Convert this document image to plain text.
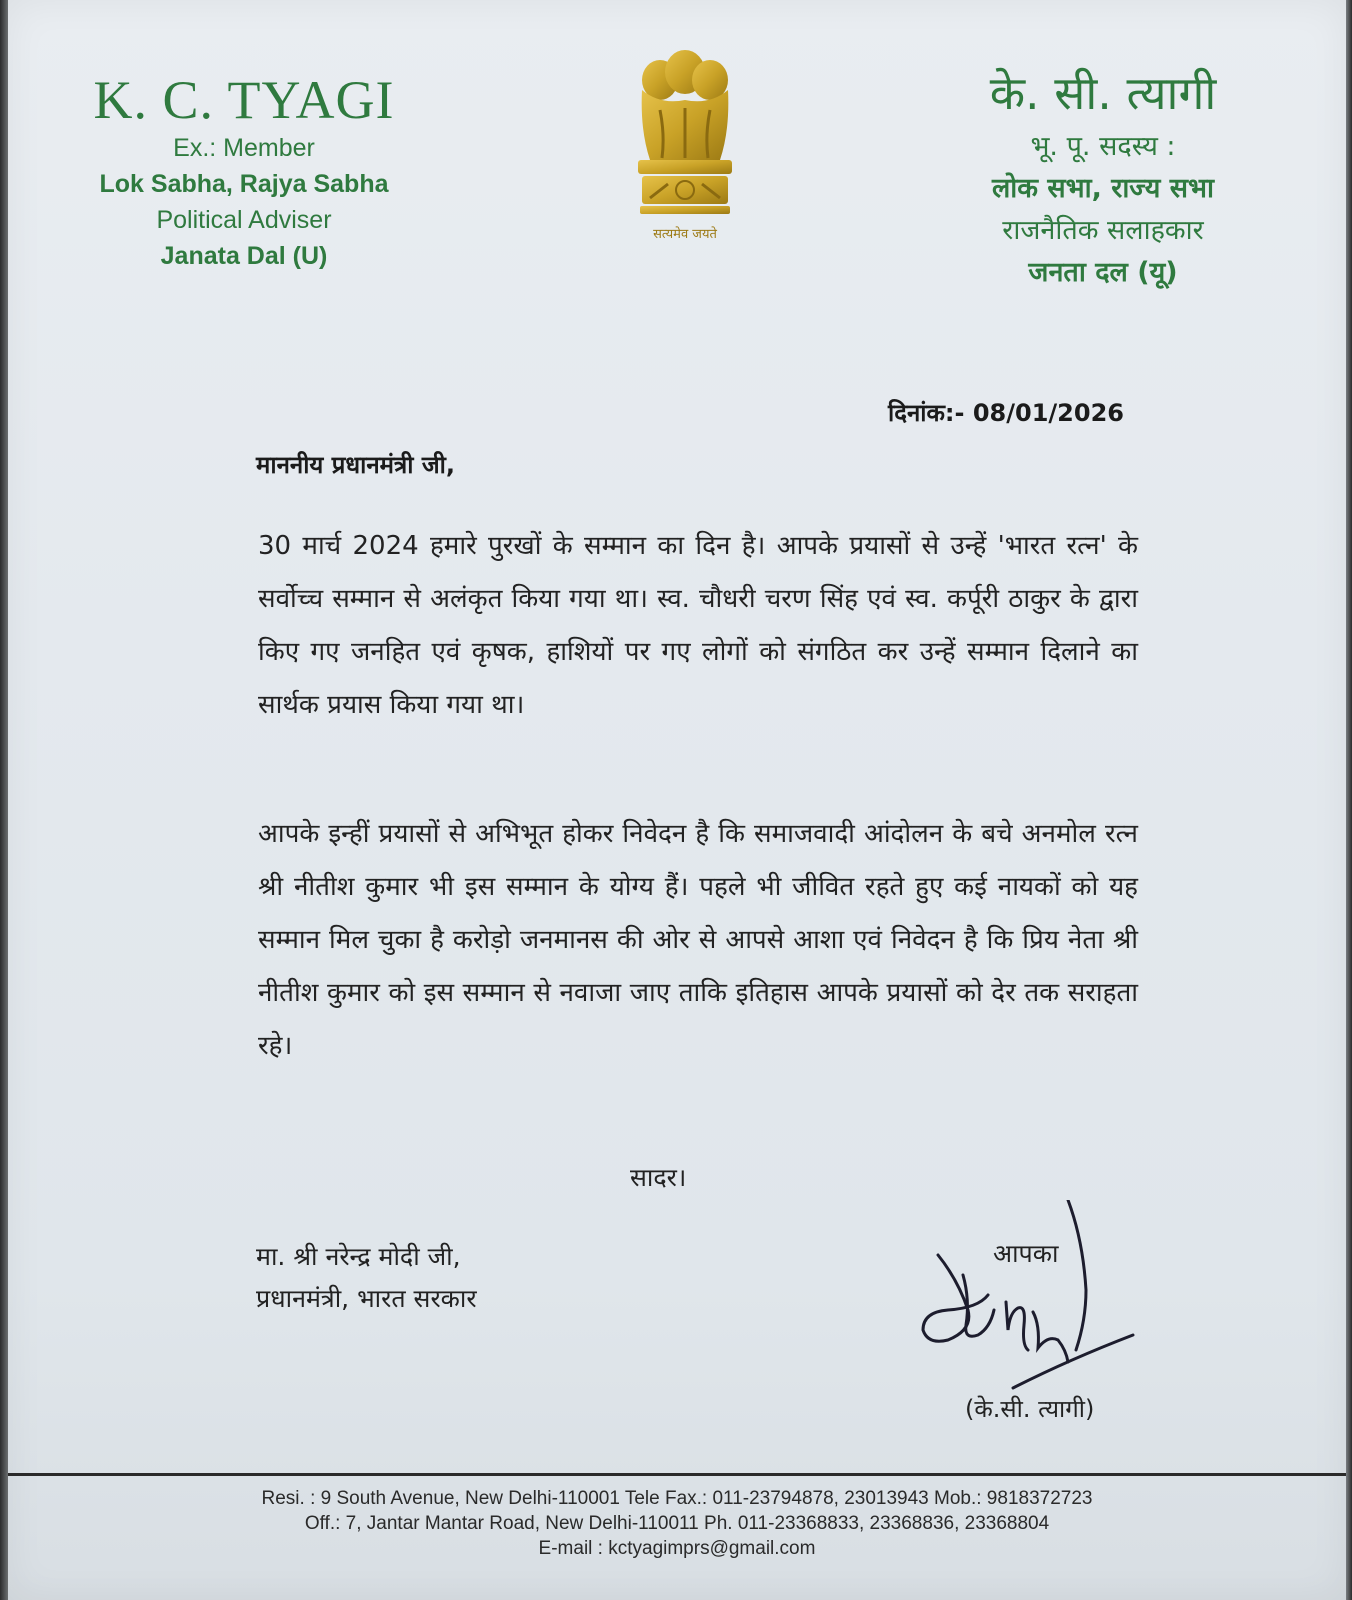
K. C. TYAGI
Ex.: Member
Lok Sabha, Rajya Sabha
Political Adviser
Janata Dal (U)
सत्यमेव जयते
के. सी. त्यागी
भू. पू. सदस्य :
लोक सभा, राज्य सभा
राजनैतिक सलाहकार
जनता दल (यू)
दिनांक:- 08/01/2026
माननीय प्रधानमंत्री जी,
30 मार्च 2024 हमारे पुरखों के सम्मान का दिन है। आपके प्रयासों से उन्हें 'भारत रत्न' के सर्वोच्च सम्मान से अलंकृत किया गया था। स्व. चौधरी चरण सिंह एवं स्व. कर्पूरी ठाकुर के द्वारा किए गए जनहित एवं कृषक, हाशियों पर गए लोगों को संगठित कर उन्हें सम्मान दिलाने का सार्थक प्रयास किया गया था।
आपके इन्हीं प्रयासों से अभिभूत होकर निवेदन है कि समाजवादी आंदोलन के बचे अनमोल रत्न श्री नीतीश कुमार भी इस सम्मान के योग्य हैं। पहले भी जीवित रहते हुए कई नायकों को यह सम्मान मिल चुका है करोड़ो जनमानस की ओर से आपसे आशा एवं निवेदन है कि प्रिय नेता श्री नीतीश कुमार को इस सम्मान से नवाजा जाए ताकि इतिहास आपके प्रयासों को देर तक सराहता रहे।
सादर।
मा. श्री नरेन्द्र मोदी जी,
प्रधानमंत्री, भारत सरकार
आपका
(के.सी. त्यागी)
Resi. : 9 South Avenue, New Delhi-110001 Tele Fax.: 011-23794878, 23013943 Mob.: 9818372723
Off.: 7, Jantar Mantar Road, New Delhi-110011 Ph. 011-23368833, 23368836, 23368804
E-mail : kctyagimprs@gmail.com
